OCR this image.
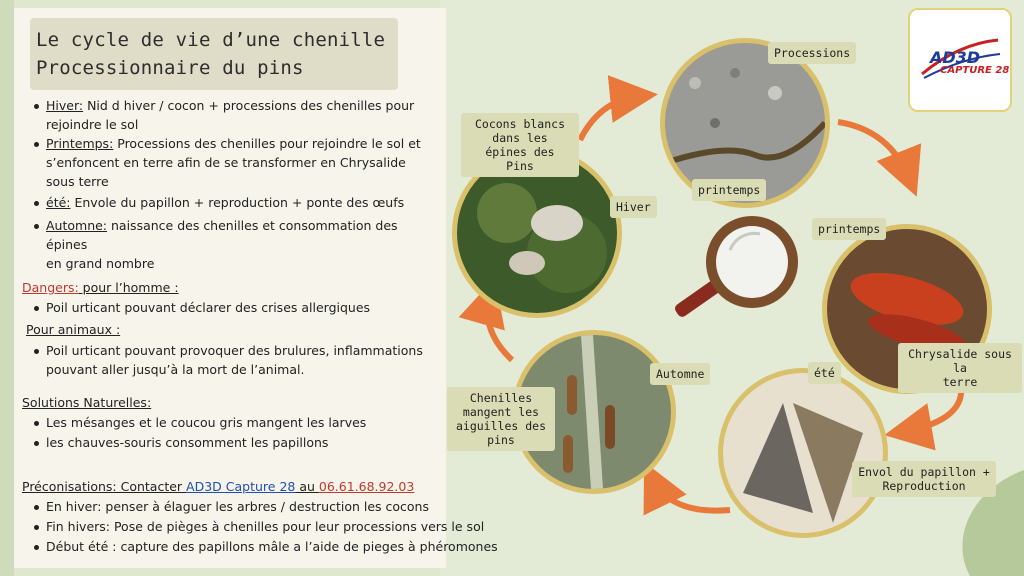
Le cycle de vie d’une chenille
Processionnaire du pins
Hiver: Nid d hiver / cocon + processions des chenilles pour
rejoindre le sol
Printemps: Processions des chenilles pour rejoindre le sol et
s’enfoncent en terre afin de se transformer en Chrysalide
sous terre
été: Envole du papillon + reproduction + ponte des œufs
Automne: naissance des chenilles et consommation des épines
en grand nombre
Dangers: pour l’homme :
Poil urticant pouvant déclarer des crises allergiques
Pour animaux :
Poil urticant pouvant provoquer des brulures, inflammations
pouvant aller jusqu’à la mort de l’animal.
Solutions Naturelles:
Les mésanges et le coucou gris mangent les larves
les chauves-souris consomment les papillons
Préconisations: Contacter AD3D Capture 28 au 06.61.68.92.03
En hiver: penser à élaguer les arbres / destruction les cocons
Fin hivers: Pose de pièges à chenilles pour leur processions vers le sol
Début été : capture des papillons mâle a l’aide de pieges à phéromones
Cocons blancs
dans les
épines des
Pins
Hiver
Processions
printemps
printemps
Chrysalide sous la
terre
été
Envol du papillon +
Reproduction
Automne
Chenilles
mangent les
aiguilles des
pins
AD3D
CAPTURE 28
